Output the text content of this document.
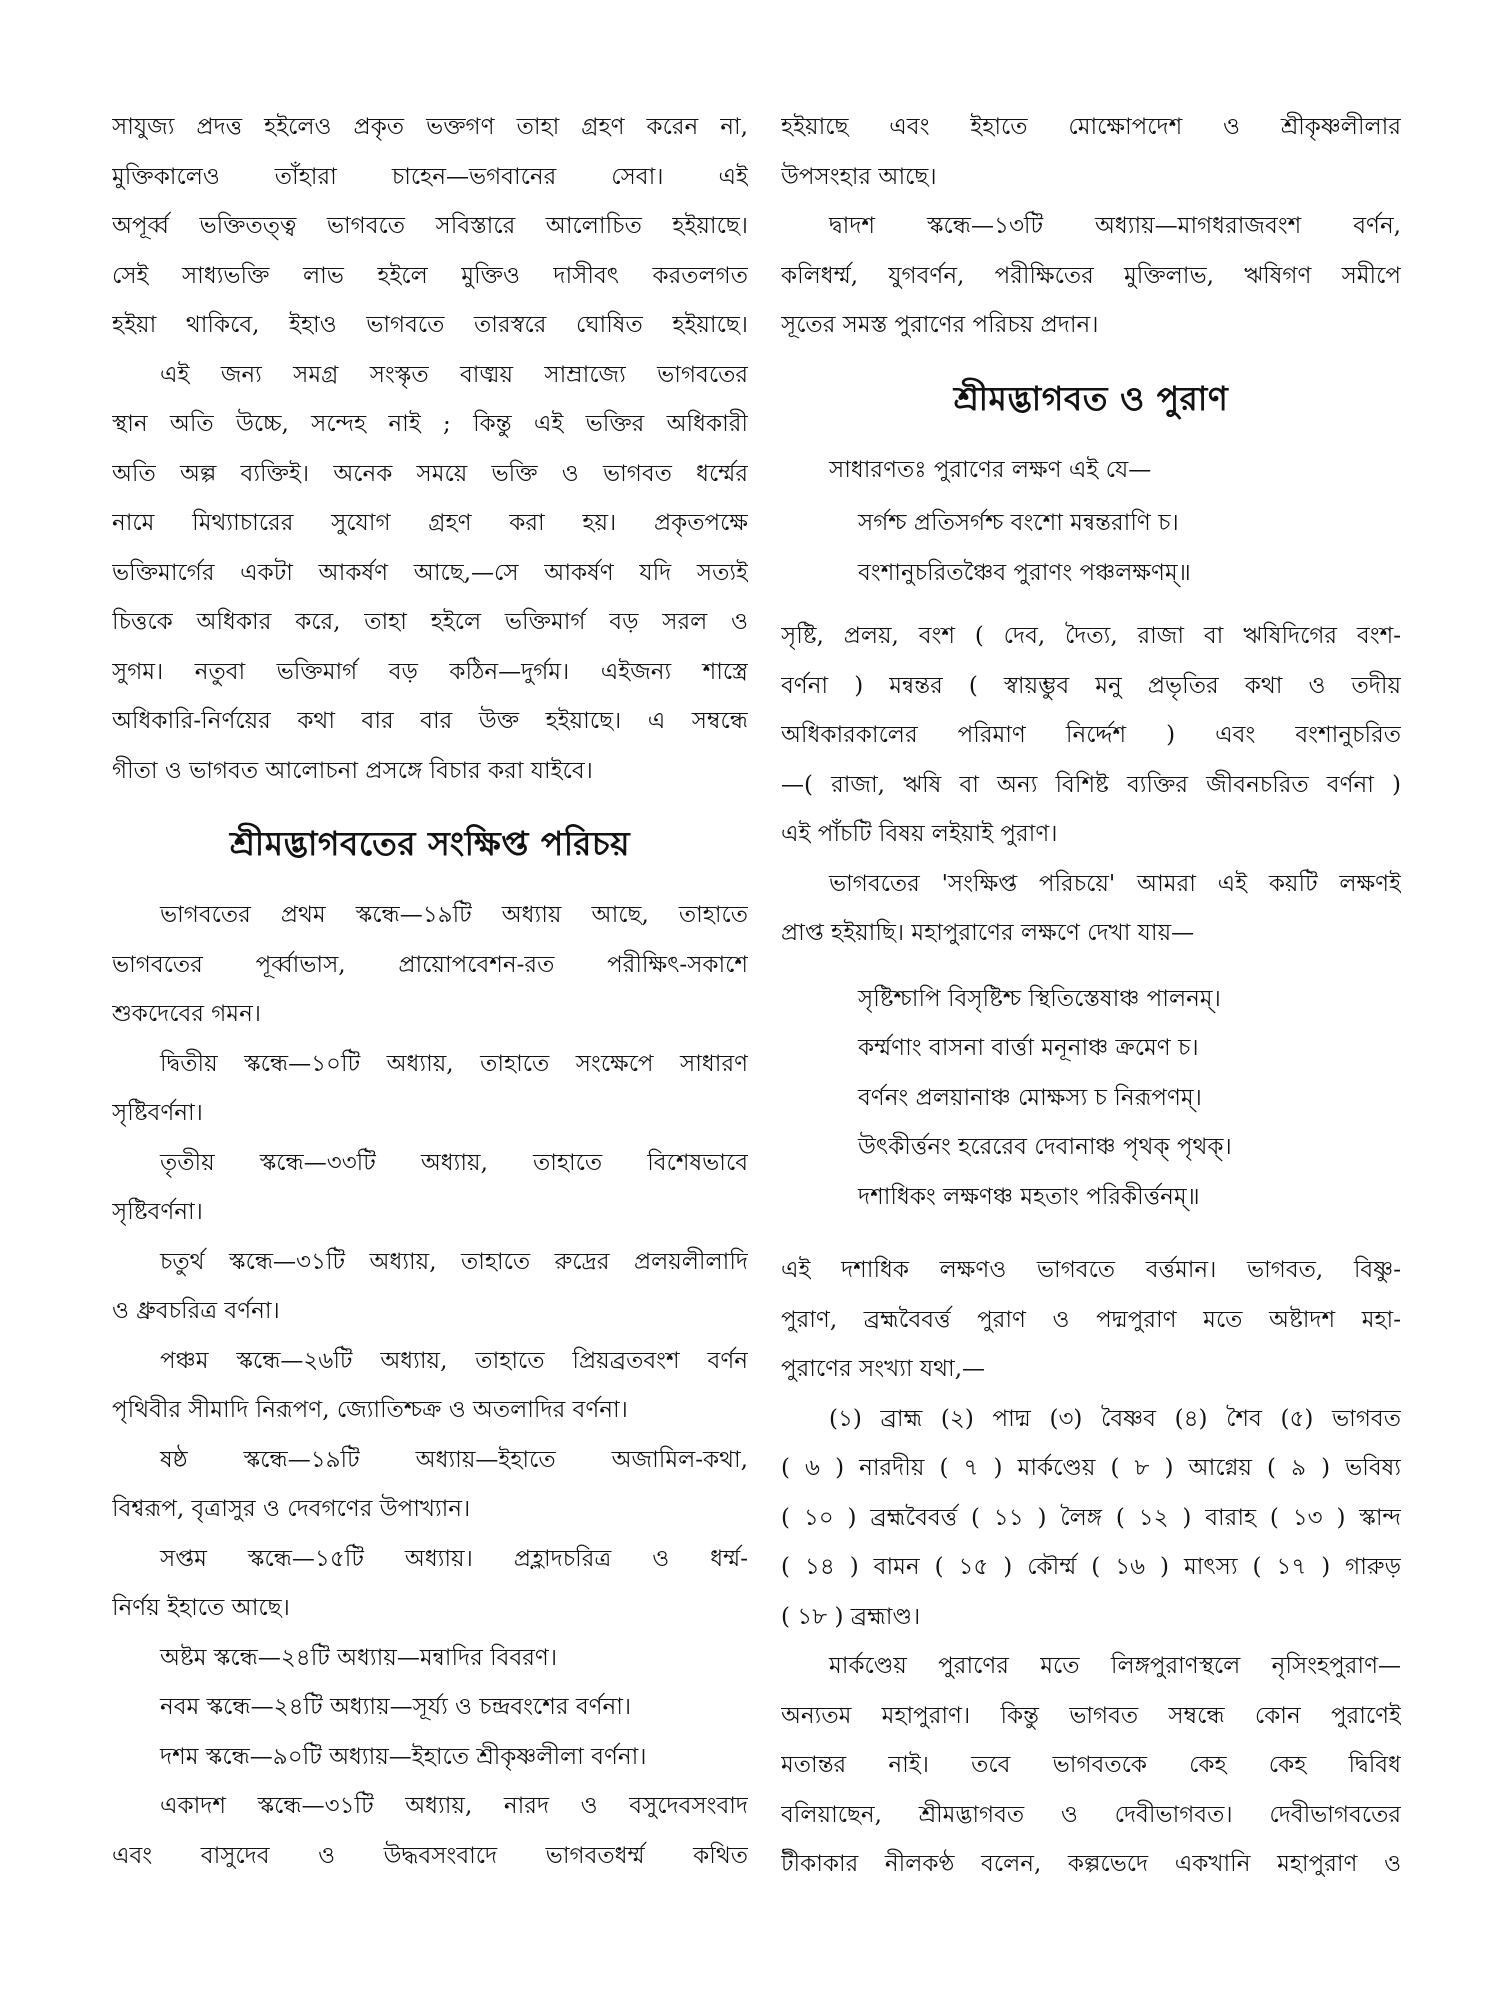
সাযুজ্য প্রদত্ত হইলেও প্রকৃত ভক্তগণ তাহা গ্রহণ করেন না,
মুক্তিকালেও তাঁহারা চাহেন—ভগবানের সেবা। এই
অপূর্ব্ব ভক্তিতত্ত্ব ভাগবতে সবিস্তারে আলোচিত হইয়াছে।
সেই সাধ্যভক্তি লাভ হইলে মুক্তিও দাসীবৎ করতলগত
হইয়া থাকিবে, ইহাও ভাগবতে তারস্বরে ঘোষিত হইয়াছে।
এই জন্য সমগ্র সংস্কৃত বাঙ্ময় সাম্রাজ্যে ভাগবতের
স্থান অতি উচ্চে, সন্দেহ নাই ; কিন্তু এই ভক্তির অধিকারী
অতি অল্প ব্যক্তিই। অনেক সময়ে ভক্তি ও ভাগবত ধর্ম্মের
নামে মিথ্যাচারের সুযোগ গ্রহণ করা হয়। প্রকৃতপক্ষে
ভক্তিমার্গের একটা আকর্ষণ আছে,—সে আকর্ষণ যদি সত্যই
চিত্তকে অধিকার করে, তাহা হইলে ভক্তিমার্গ বড় সরল ও
সুগম। নতুবা ভক্তিমার্গ বড় কঠিন—দুর্গম। এইজন্য শাস্ত্রে
অধিকারি-নির্ণয়ের কথা বার বার উক্ত হইয়াছে। এ সম্বন্ধে
গীতা ও ভাগবত আলোচনা প্রসঙ্গে বিচার করা যাইবে।
শ্রীমদ্ভাগবতের সংক্ষিপ্ত পরিচয়
ভাগবতের প্রথম স্কন্ধে—১৯টি অধ্যায় আছে, তাহাতে
ভাগবতের পূর্ব্বাভাস, প্রায়োপবেশন-রত পরীক্ষিৎ-সকাশে
শুকদেবের গমন।
দ্বিতীয় স্কন্ধে—১০টি অধ্যায়, তাহাতে সংক্ষেপে সাধারণ
সৃষ্টিবর্ণনা।
তৃতীয় স্কন্ধে—৩৩টি অধ্যায়, তাহাতে বিশেষভাবে
সৃষ্টিবর্ণনা।
চতুর্থ স্কন্ধে—৩১টি অধ্যায়, তাহাতে রুদ্রের প্রলয়লীলাদি
ও ধ্রুবচরিত্র বর্ণনা।
পঞ্চম স্কন্ধে—২৬টি অধ্যায়, তাহাতে প্রিয়ব্রতবংশ বর্ণন
পৃথিবীর সীমাদি নিরূপণ, জ্যোতিশ্চক্র ও অতলাদির বর্ণনা।
ষষ্ঠ স্কন্ধে—১৯টি অধ্যায়—ইহাতে অজামিল-কথা,
বিশ্বরূপ, বৃত্রাসুর ও দেবগণের উপাখ্যান।
সপ্তম স্কন্ধে—১৫টি অধ্যায়। প্রহ্লাদচরিত্র ও ধর্ম্ম-
নির্ণয় ইহাতে আছে।
অষ্টম স্কন্ধে—২৪টি অধ্যায়—মন্বাদির বিবরণ।
নবম স্কন্ধে—২৪টি অধ্যায়—সূর্য্য ও চন্দ্রবংশের বর্ণনা।
দশম স্কন্ধে—৯০টি অধ্যায়—ইহাতে শ্রীকৃষ্ণলীলা বর্ণনা।
একাদশ স্কন্ধে—৩১টি অধ্যায়, নারদ ও বসুদেবসংবাদ
এবং বাসুদেব ও উদ্ধবসংবাদে ভাগবতধর্ম্ম কথিত
হইয়াছে এবং ইহাতে মোক্ষোপদেশ ও শ্রীকৃষ্ণলীলার
উপসংহার আছে।
দ্বাদশ স্কন্ধে—১৩টি অধ্যায়—মাগধরাজবংশ বর্ণন,
কলিধর্ম্ম, যুগবর্ণন, পরীক্ষিতের মুক্তিলাভ, ঋষিগণ সমীপে
সূতের সমস্ত পুরাণের পরিচয় প্রদান।
শ্রীমদ্ভাগবত ও পুরাণ
সাধারণতঃ পুরাণের লক্ষণ এই যে—
সর্গশ্চ প্রতিসর্গশ্চ বংশো মন্বন্তরাণি চ।
বংশানুচরিতঞ্চৈব পুরাণং পঞ্চলক্ষণম্॥
সৃষ্টি, প্রলয়, বংশ ( দেব, দৈত্য, রাজা বা ঋষিদিগের বংশ-
বর্ণনা ) মন্বন্তর ( স্বায়ম্ভুব মনু প্রভৃতির কথা ও তদীয়
অধিকারকালের পরিমাণ নির্দ্দেশ ) এবং বংশানুচরিত
—( রাজা, ঋষি বা অন্য বিশিষ্ট ব্যক্তির জীবনচরিত বর্ণনা )
এই পাঁচটি বিষয় লইয়াই পুরাণ।
ভাগবতের 'সংক্ষিপ্ত পরিচয়ে' আমরা এই কয়টি লক্ষণই
প্রাপ্ত হইয়াছি। মহাপুরাণের লক্ষণে দেখা যায়—
সৃষ্টিশ্চাপি বিসৃষ্টিশ্চ স্থিতিস্তেষাঞ্চ পালনম্।
কর্ম্মণাং বাসনা বার্ত্তা মনূনাঞ্চ ক্রমেণ চ।
বর্ণনং প্রলয়ানাঞ্চ মোক্ষস্য চ নিরূপণম্।
উৎকীর্ত্তনং হরেরেব দেবানাঞ্চ পৃথক্ পৃথক্।
দশাধিকং লক্ষণঞ্চ মহতাং পরিকীর্ত্তনম্॥
এই দশাধিক লক্ষণও ভাগবতে বর্ত্তমান। ভাগবত, বিষ্ণু-
পুরাণ, ব্রহ্মবৈবর্ত্ত পুরাণ ও পদ্মপুরাণ মতে অষ্টাদশ মহা-
পুরাণের সংখ্যা যথা,—
(১) ব্রাহ্ম (২) পাদ্ম (৩) বৈষ্ণব (৪) শৈব (৫) ভাগবত
( ৬ ) নারদীয় ( ৭ ) মার্কণ্ডেয় ( ৮ ) আগ্নেয় ( ৯ ) ভবিষ্য
( ১০ ) ব্রহ্মবৈবর্ত্ত ( ১১ ) লৈঙ্গ ( ১২ ) বারাহ ( ১৩ ) স্কান্দ
( ১৪ ) বামন ( ১৫ ) কৌর্ম্ম ( ১৬ ) মাৎস্য ( ১৭ ) গারুড়
( ১৮ ) ব্রহ্মাণ্ড।
মার্কণ্ডেয় পুরাণের মতে লিঙ্গপুরাণস্থলে নৃসিংহপুরাণ—
অন্যতম মহাপুরাণ। কিন্তু ভাগবত সম্বন্ধে কোন পুরাণেই
মতান্তর নাই। তবে ভাগবতকে কেহ কেহ দ্বিবিধ
বলিয়াছেন, শ্রীমদ্ভাগবত ও দেবীভাগবত। দেবীভাগবতের
টীকাকার নীলকণ্ঠ বলেন, কল্পভেদে একখানি মহাপুরাণ ও
